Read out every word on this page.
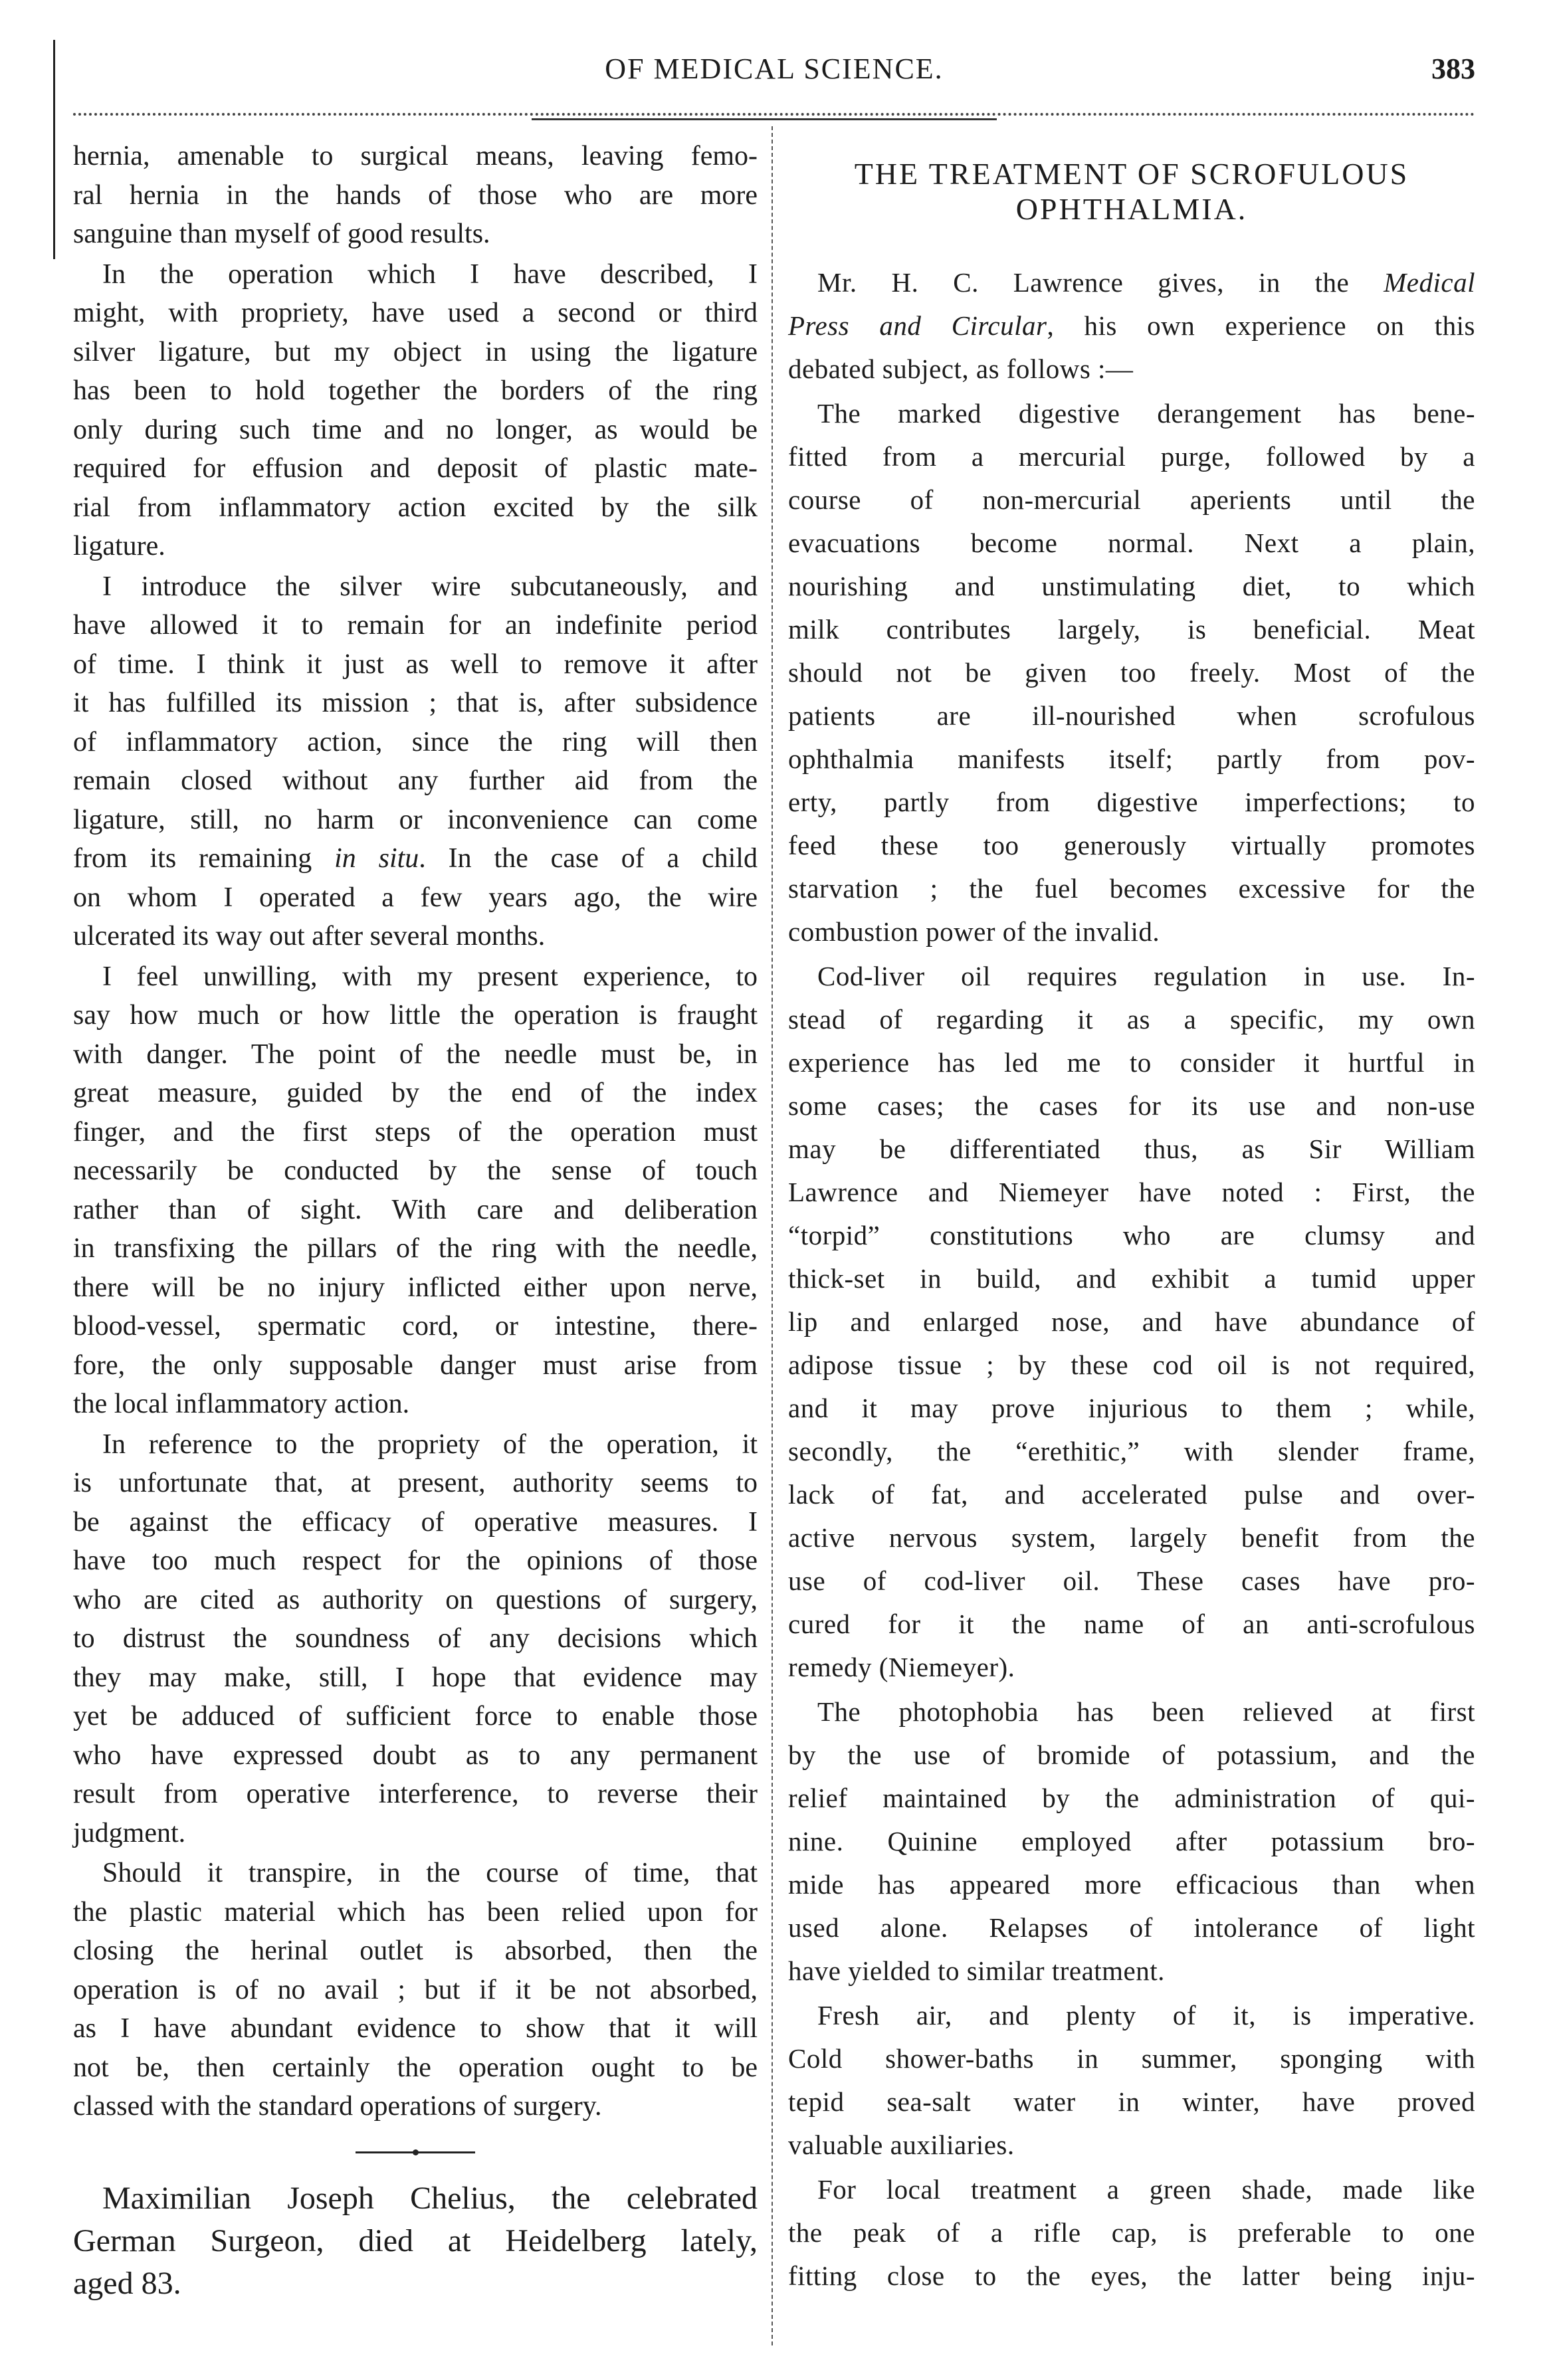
OF MEDICAL SCIENCE.	383
hernia, amenable to surgical means, leaving femo-
ral hernia in the hands of those who are more
sanguine than myself of good results.
In the operation which I have described, I
might, with propriety, have used a second or third
silver ligature, but my object in using the ligature
has been to hold together the borders of the ring
only during such time and no longer, as would be
required for effusion and deposit of plastic mate-
rial from inflammatory action excited by the silk
ligature.
I introduce the silver wire subcutaneously, and
have allowed it to remain for an indefinite period
of time. I think it just as well to remove it after
it has fulfilled its mission ; that is, after subsidence
of inflammatory action, since the ring will then
remain closed without any further aid from the
ligature, still, no harm or inconvenience can come
from its remaining in situ. In the case of a child
on whom I operated a few years ago, the wire
ulcerated its way out after several months.
I feel unwilling, with my present experience, to
say how much or how little the operation is fraught
with danger. The point of the needle must be, in
great measure, guided by the end of the index
finger, and the first steps of the operation must
necessarily be conducted by the sense of touch
rather than of sight. With care and deliberation
in transfixing the pillars of the ring with the needle,
there will be no injury inflicted either upon nerve,
blood-vessel, spermatic cord, or intestine, there-
fore, the only supposable danger must arise from
the local inflammatory action.
In reference to the propriety of the operation, it
is unfortunate that, at present, authority seems to
be against the efficacy of operative measures. I
have too much respect for the opinions of those
who are cited as authority on questions of surgery,
to distrust the soundness of any decisions which
they may make, still, I hope that evidence may
yet be adduced of sufficient force to enable those
who have expressed doubt as to any permanent
result from operative interference, to reverse their
judgment.
Should it transpire, in the course of time, that
the plastic material which has been relied upon for
closing the herinal outlet is absorbed, then the
operation is of no avail ; but if it be not absorbed,
as I have abundant evidence to show that it will
not be, then certainly the operation ought to be
classed with the standard operations of surgery.
Maximilian Joseph Chelius, the celebrated
German Surgeon, died at Heidelberg lately,
aged 83.
THE TREATMENT OF SCROFULOUS
OPHTHALMIA.
Mr. H. C. Lawrence gives, in the Medical
Press and Circular, his own experience on this
debated subject, as follows :—
The marked digestive derangement has bene-
fitted from a mercurial purge, followed by a
course of non-mercurial aperients until the
evacuations become normal. Next a plain,
nourishing and unstimulating diet, to which
milk contributes largely, is beneficial. Meat
should not be given too freely. Most of the
patients are ill-nourished when scrofulous
ophthalmia manifests itself; partly from pov-
erty, partly from digestive imperfections; to
feed these too generously virtually promotes
starvation ; the fuel becomes excessive for the
combustion power of the invalid.
Cod-liver oil requires regulation in use. In-
stead of regarding it as a specific, my own
experience has led me to consider it hurtful in
some cases; the cases for its use and non-use
may be differentiated thus, as Sir William
Lawrence and Niemeyer have noted : First, the
“torpid” constitutions who are clumsy and
thick-set in build, and exhibit a tumid upper
lip and enlarged nose, and have abundance of
adipose tissue ; by these cod oil is not required,
and it may prove injurious to them ; while,
secondly, the “erethitic,” with slender frame,
lack of fat, and accelerated pulse and over-
active nervous system, largely benefit from the
use of cod-liver oil. These cases have pro-
cured for it the name of an anti-scrofulous
remedy (Niemeyer).
The photophobia has been relieved at first
by the use of bromide of potassium, and the
relief maintained by the administration of qui-
nine. Quinine employed after potassium bro-
mide has appeared more efficacious than when
used alone. Relapses of intolerance of light
have yielded to similar treatment.
Fresh air, and plenty of it, is imperative.
Cold shower-baths in summer, sponging with
tepid sea-salt water in winter, have proved
valuable auxiliaries.
For local treatment a green shade, made like
the peak of a rifle cap, is preferable to one
fitting close to the eyes, the latter being inju-
